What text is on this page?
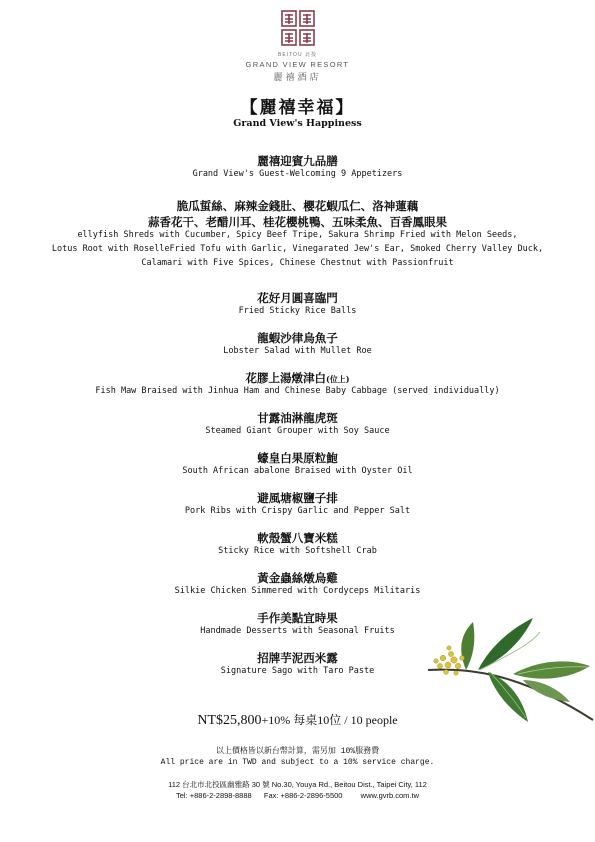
BEITOU 北投
GRAND VIEW RESORT
麗禧酒店
【麗禧幸福】
Grand View's Happiness
麗禧迎賓九品膳
Grand View's Guest-Welcoming 9 Appetizers
脆瓜蜇絲、麻辣金錢肚、櫻花蝦瓜仁、洛神蓮藕
蒜香花干、老醋川耳、桂花櫻桃鴨、五味柔魚、百香鳳眼果
ellyfish Shreds with Cucumber, Spicy Beef Tripe, Sakura Shrimp Fried with Melon Seeds,
Lotus Root with RoselleFried Tofu with Garlic, Vinegarated Jew's Ear, Smoked Cherry Valley Duck,
Calamari with Five Spices, Chinese Chestnut with Passionfruit
花好月圓喜臨門
Fried Sticky Rice Balls
龍蝦沙律烏魚子
Lobster Salad with Mullet Roe
花膠上湯燉津白(位上)
Fish Maw Braised with Jinhua Ham and Chinese Baby Cabbage (served individually)
甘露油淋龍虎斑
Steamed Giant Grouper with Soy Sauce
蠔皇白果原粒鮑
South African abalone Braised with Oyster Oil
避風塘椒鹽子排
Pork Ribs with Crispy Garlic and Pepper Salt
軟殼蟹八寶米糕
Sticky Rice with Softshell Crab
黃金蟲絲燉烏雞
Silkie Chicken Simmered with Cordyceps Militaris
手作美點宜時果
Handmade Desserts with Seasonal Fruits
招牌芋泥西米露
Signature Sago with Taro Paste
NT$25,800+10% 每桌10位 / 10 people
以上價格皆以新台幣計算，需另加 10%服務費
All price are in TWD and subject to a 10% service charge.
112 台北市北投區幽雅路 30 號 No.30, Youya Rd., Beitou Dist., Taipei City, 112
Tel: +886-2-2898-8888 Fax: +886-2-2896-5500 www.gvrb.com.tw
